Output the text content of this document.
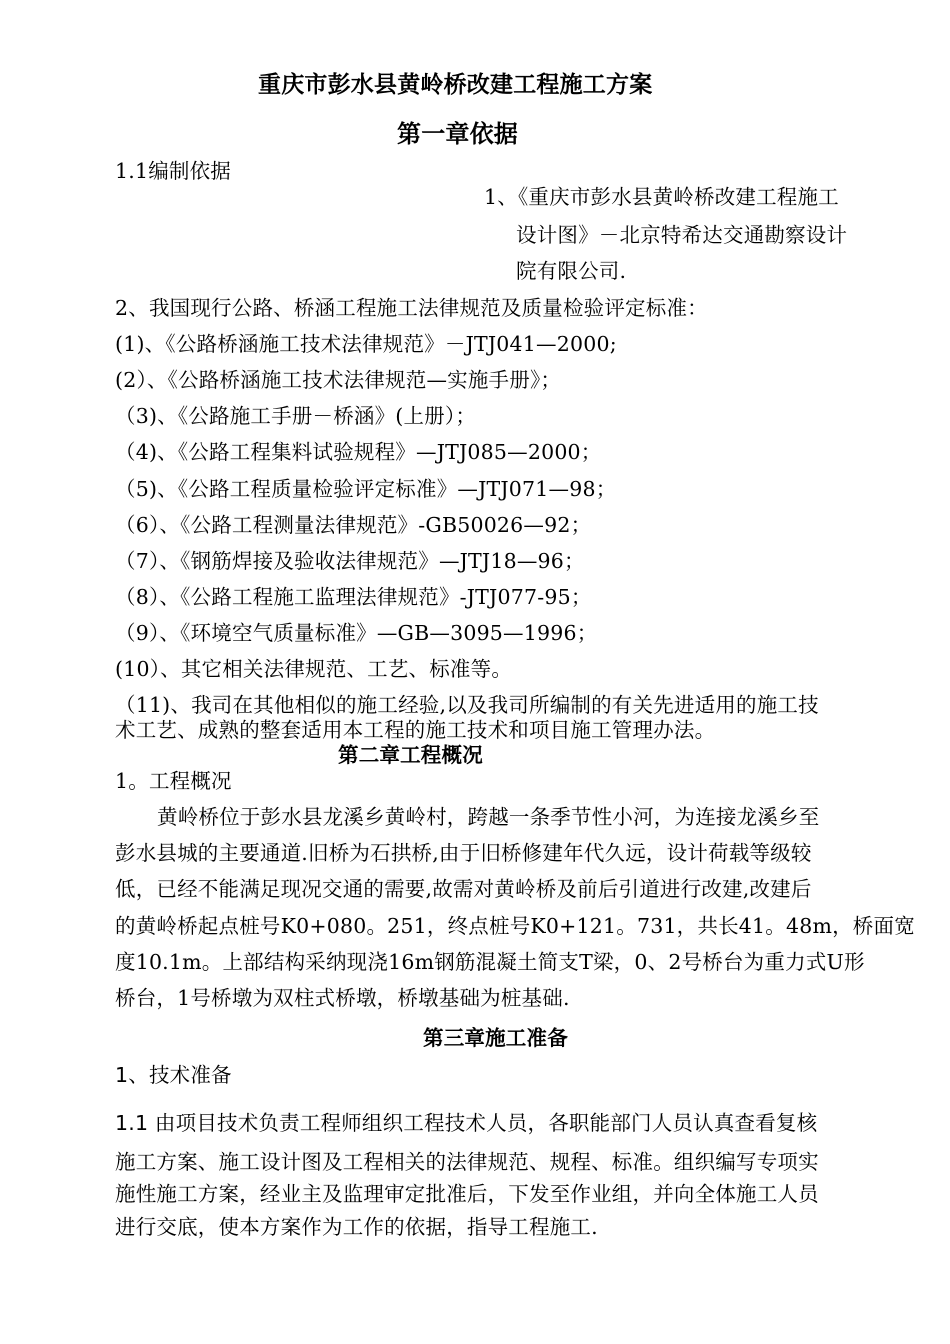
重庆市彭水县黄岭桥改建工程施工方案
第一章依据
1.1编制依据
1、《重庆市彭水县黄岭桥改建工程施工
设计图》－北京特希达交通勘察设计
院有限公司.
2、我国现行公路、桥涵工程施工法律规范及质量检验评定标准：
(1)、《公路桥涵施工技术法律规范》－JTJ041—2000;
(2）、《公路桥涵施工技术法律规范—实施手册》；
（3)、《公路施工手册－桥涵》(上册）；
（4)、《公路工程集料试验规程》—JTJ085—2000；
（5)、《公路工程质量检验评定标准》—JTJ071—98；
（6）、《公路工程测量法律规范》-GB50026—92；
（7）、《钢筋焊接及验收法律规范》—JTJ18—96；
（8）、《公路工程施工监理法律规范》-JTJ077-95；
（9）、《环境空气质量标准》—GB—3095—1996；
(10）、其它相关法律规范、工艺、标准等。
（11)、我司在其他相似的施工经验,以及我司所编制的有关先进适用的施工技
术工艺、成熟的整套适用本工程的施工技术和项目施工管理办法。
第二章工程概况
1。工程概况
黄岭桥位于彭水县龙溪乡黄岭村，跨越一条季节性小河，为连接龙溪乡至
彭水县城的主要通道.旧桥为石拱桥,由于旧桥修建年代久远，设计荷载等级较
低，已经不能满足现况交通的需要,故需对黄岭桥及前后引道进行改建,改建后
的黄岭桥起点桩号K0+080。251，终点桩号K0+121。731，共长41。48m，桥面宽
度10.1m。上部结构采纳现浇16m钢筋混凝土简支T梁，0、2号桥台为重力式U形
桥台，1号桥墩为双柱式桥墩，桥墩基础为桩基础.
第三章施工准备
1、技术准备
1.1 由项目技术负责工程师组织工程技术人员，各职能部门人员认真查看复核
施工方案、施工设计图及工程相关的法律规范、规程、标准。组织编写专项实
施性施工方案，经业主及监理审定批准后，下发至作业组，并向全体施工人员
进行交底，使本方案作为工作的依据，指导工程施工.
